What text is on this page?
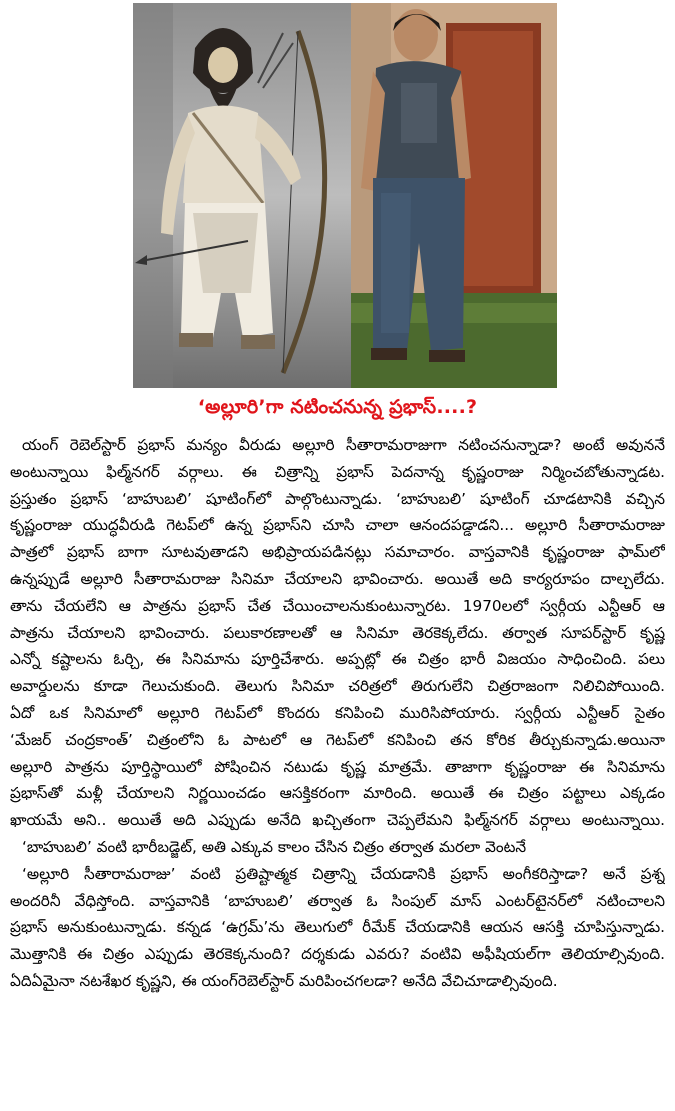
‘అల్లూరి’గా నటించనున్న ప్రభాస్....?
యంగ్ రెబెల్‌స్టార్ ప్రభాస్ మన్యం వీరుడు అల్లూరి సీతారామరాజుగా నటించనున్నాడా? అంటే అవుననే
అంటున్నాయి ఫిల్మ్‌నగర్ వర్గాలు. ఈ చిత్రాన్ని ప్రభాస్ పెదనాన్న కృష్ణంరాజు నిర్మించబోతున్నాడట.
ప్రస్తుతం ప్రభాస్ ‘బాహుబలి’ షూటింగ్‌లో పాల్గొంటున్నాడు. ‘బాహుబలి’ షూటింగ్ చూడటానికి వచ్చిన
కృష్ణంరాజు యుద్ధవీరుడి గెటప్‌లో ఉన్న ప్రభాస్‌ని చూసి చాలా ఆనందపడ్డాడని... అల్లూరి సీతారామరాజు
పాత్రలో ప్రభాస్ బాగా సూటవుతాడని అభిప్రాయపడినట్లు సమాచారం. వాస్తవానికి కృష్ణంరాజు ఫామ్‌లో
ఉన్నప్పుడే అల్లూరి సీతారామరాజు సినిమా చేయాలని భావించారు. అయితే అది కార్యరూపం దాల్చలేదు.
తాను చేయలేని ఆ పాత్రను ప్రభాస్ చేత చేయించాలనుకుంటున్నారట. 1970లలో స్వర్గీయ ఎన్టీఆర్ ఆ
పాత్రను చేయాలని భావించారు. పలుకారణాలతో ఆ సినిమా తెరకెక్కలేదు. తర్వాత సూపర్‌స్టార్ కృష్ణ
ఎన్నో కష్టాలను ఓర్చి, ఈ సినిమాను పూర్తిచేశారు. అప్పట్లో ఈ చిత్రం భారీ విజయం సాధించింది. పలు
అవార్డులను కూడా గెలుచుకుంది. తెలుగు సినిమా చరిత్రలో తిరుగులేని చిత్రరాజంగా నిలిచిపోయింది.
ఏదో ఒక సినిమాలో అల్లూరి గెటప్‌లో కొందరు కనిపించి మురిసిపోయారు. స్వర్గీయ ఎన్టీఆర్ సైతం
‘మేజర్ చంద్రకాంత్’ చిత్రంలోని ఓ పాటలో ఆ గెటప్‌లో కనిపించి తన కోరిక తీర్చుకున్నాడు.అయినా
అల్లూరి పాత్రను పూర్తిస్థాయిలో పోషించిన నటుడు కృష్ణ మాత్రమే. తాజాగా కృష్ణంరాజు ఈ సినిమాను
ప్రభాస్‌తో మళ్లీ చేయాలని నిర్ణయించడం ఆసక్తికరంగా మారింది. అయితే ఈ చిత్రం పట్టాలు ఎక్కడం
ఖాయమే అని.. అయితే అది ఎప్పుడు అనేది ఖచ్చితంగా చెప్పలేమని ఫిల్మ్‌నగర్ వర్గాలు అంటున్నాయి.
‘బాహుబలి’ వంటి భారీబడ్జెట్, అతి ఎక్కువ కాలం చేసిన చిత్రం తర్వాత మరలా వెంటనే
‘అల్లూరి సీతారామరాజు’ వంటి ప్రతిష్టాత్మక చిత్రాన్ని చేయడానికి ప్రభాస్ అంగీకరిస్తాడా? అనే ప్రశ్న
అందరినీ వేధిస్తోంది. వాస్తవానికి ‘బాహుబలి’ తర్వాత ఓ సింపుల్ మాస్ ఎంటర్‌టైనర్‌లో నటించాలని
ప్రభాస్ అనుకుంటున్నాడు. కన్నడ ‘ఉగ్రమ్’ను తెలుగులో రీమేక్ చేయడానికి ఆయన ఆసక్తి చూపిస్తున్నాడు.
మొత్తానికి ఈ చిత్రం ఎప్పుడు తెరకెక్కనుంది? దర్శకుడు ఎవరు? వంటివి అఫీషియల్‌గా తెలియాల్సివుంది.
ఏదిఏమైనా నటశేఖర కృష్ణని, ఈ యంగ్‌రెబెల్‌స్టార్ మరిపించగలడా? అనేది వేచిచూడాల్సివుంది.
